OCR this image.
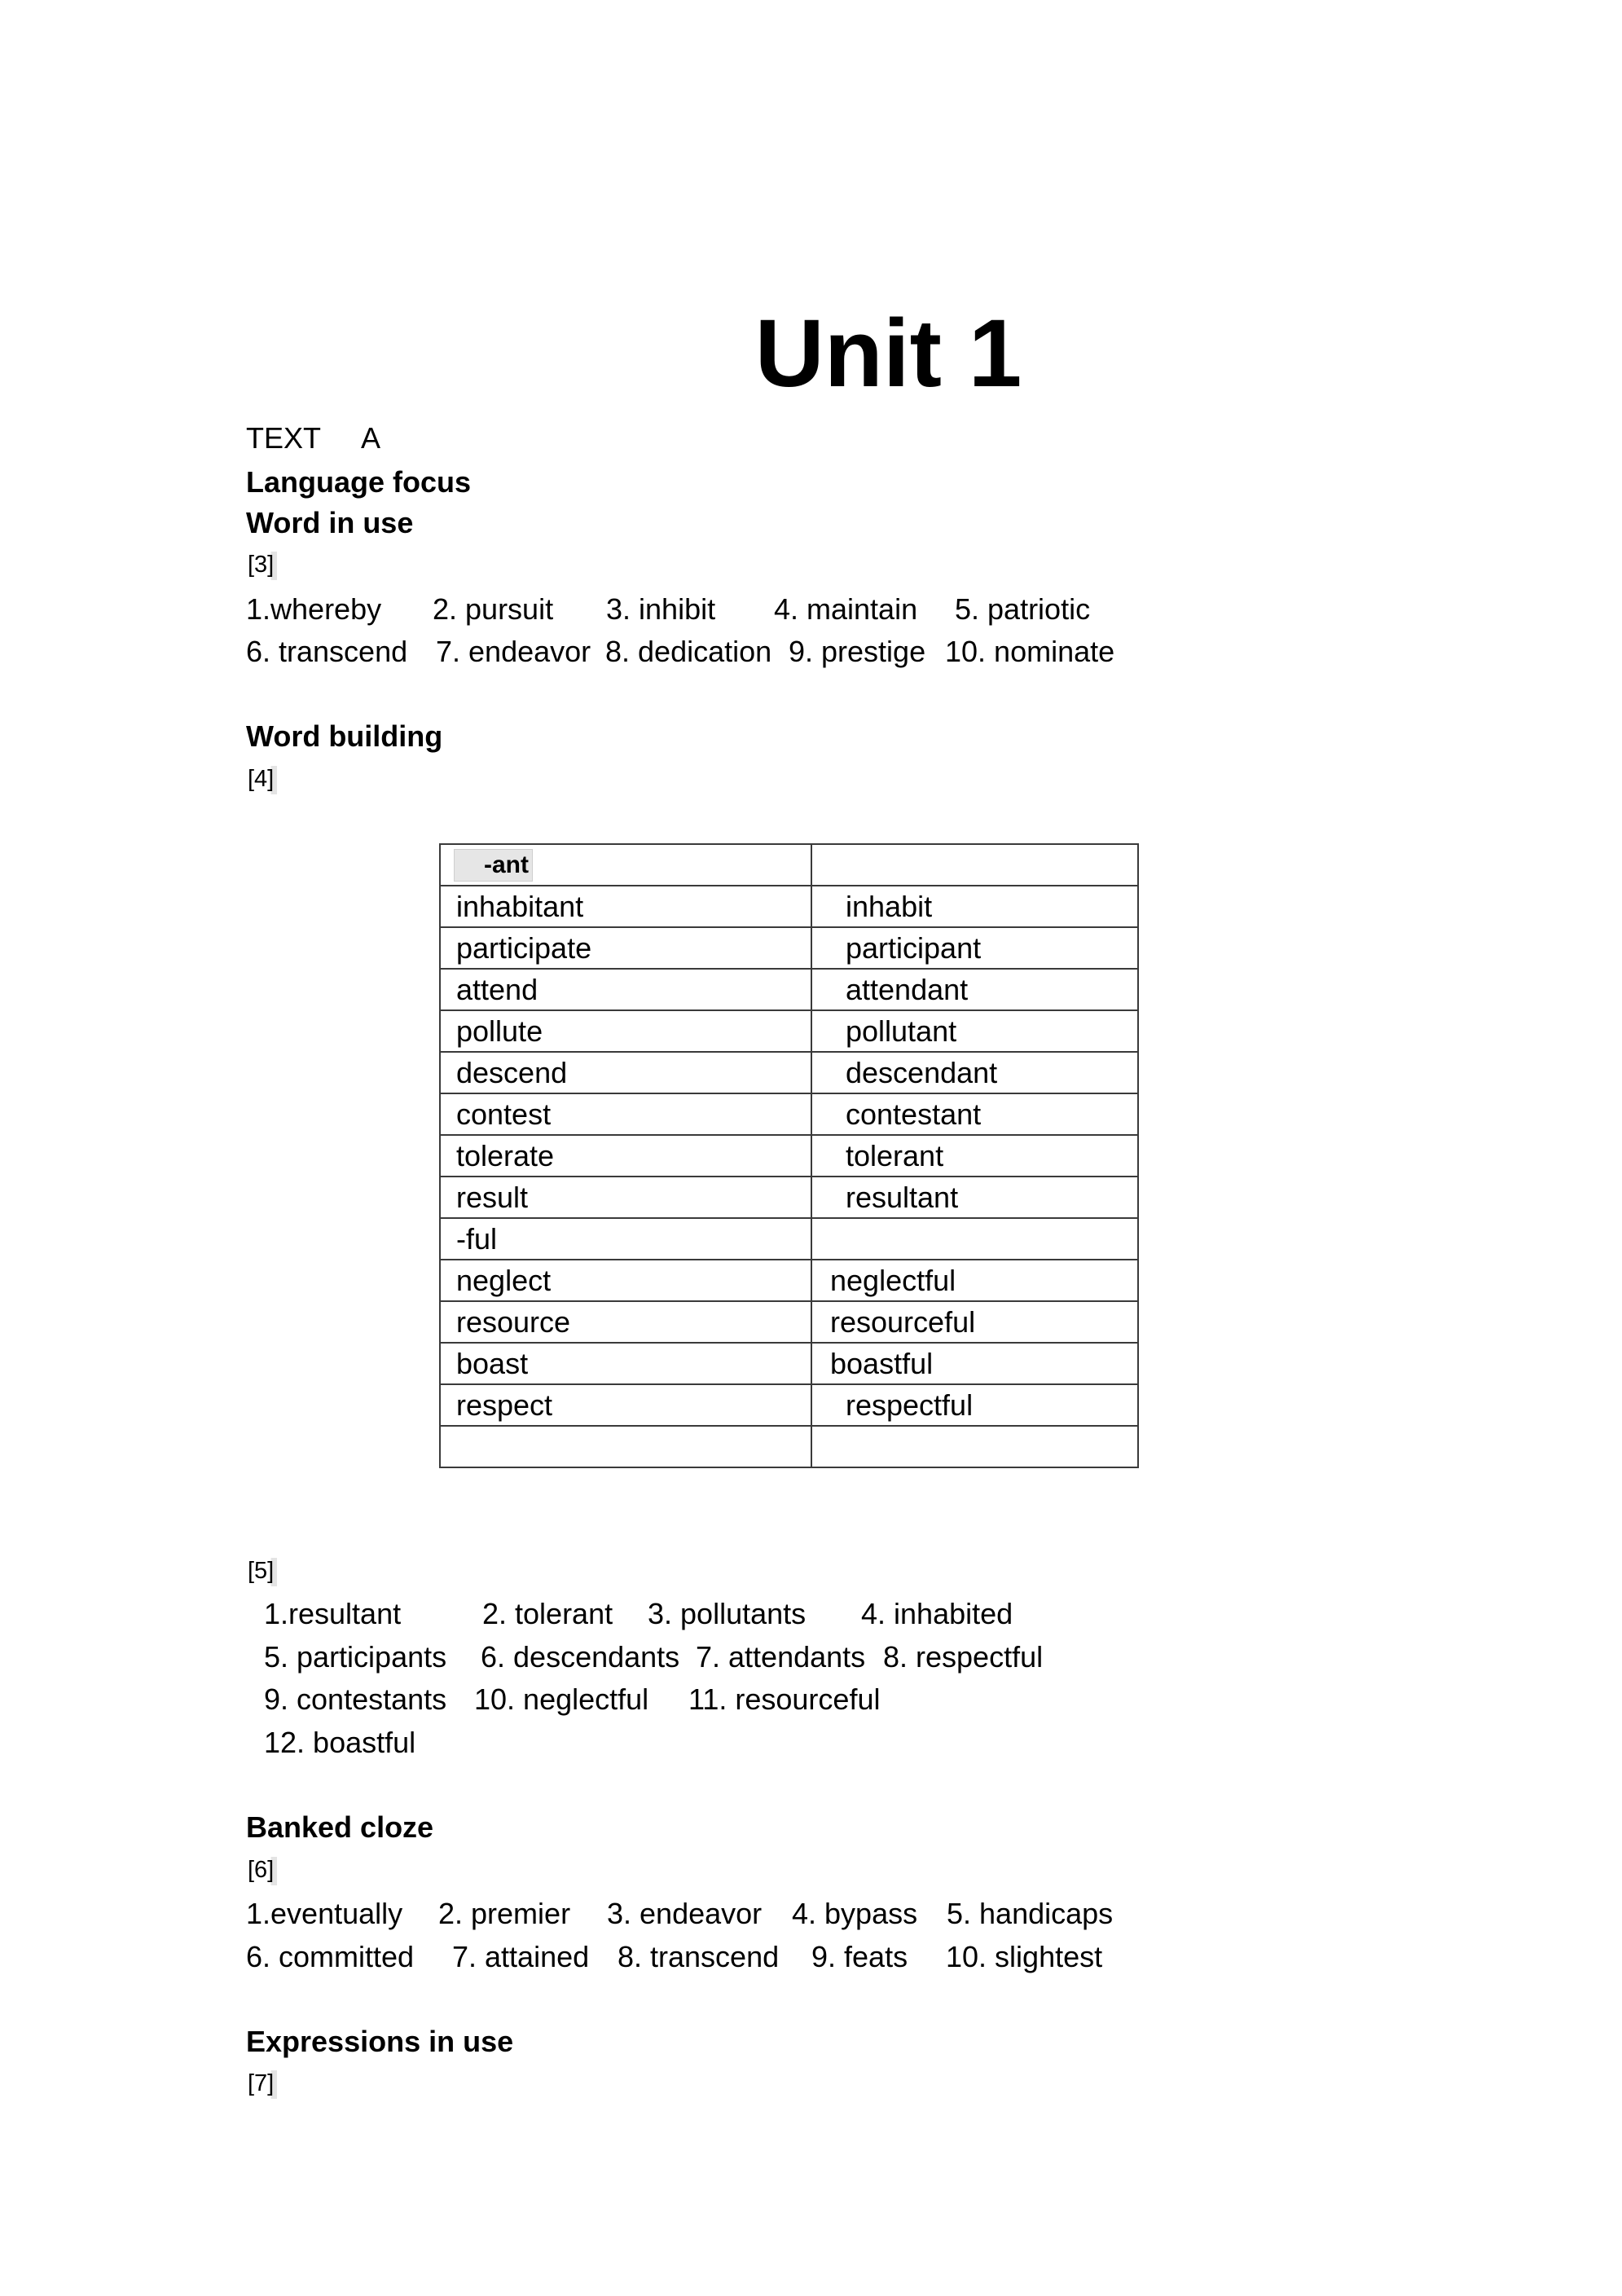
Unit 1
TEXT A
Language focus
Word in use
[3]

1.whereby

2. pursuit

3. inhibit

4. maintain

5. patriotic

6. transcend

7. endeavor

8. dedication

9. prestige

10. nominate

Word building
[4]
-ant	
inhabitant	inhabit
participate	participant
attend	attendant
pollute	pollutant
descend	descendant
contest	contestant
tolerate	tolerant
result	resultant
-ful	
neglect	neglectful
resource	resourceful
boast	boastful
respect	respectful

[5]

1.resultant

	2. tolerant

3. pollutants

4. inhabited

5. participants

6. descendants

7. attendants

8. respectful

9. contestants

10. neglectful

11. resourceful

12. boastful

Banked cloze
[6]

1.eventually

2. premier

3. endeavor

4. bypass

5. handicaps

6. committed

7. attained

8. transcend

9. feats

10. slightest

Expressions in use
[7]
